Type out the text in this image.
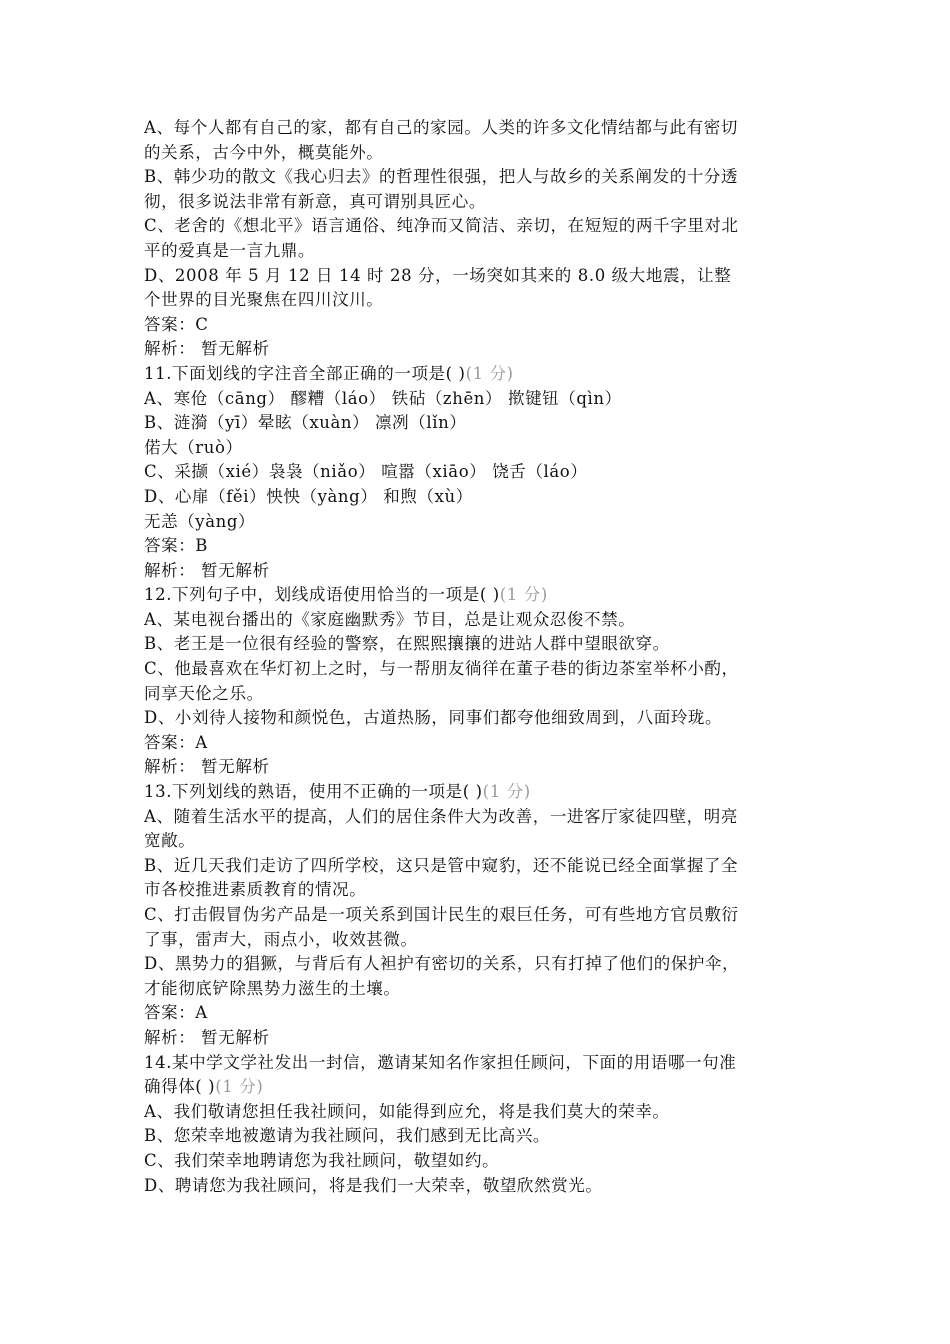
A、每个人都有自己的家，都有自己的家园。人类的许多文化情结都与此有密切
的关系，古今中外，概莫能外。
B、韩少功的散文《我心归去》的哲理性很强，把人与故乡的关系阐发的十分透
彻，很多说法非常有新意，真可谓别具匠心。
C、老舍的《想北平》语言通俗、纯净而又简洁、亲切，在短短的两千字里对北
平的爱真是一言九鼎。
D、2008 年 5 月 12 日 14 时 28 分，一场突如其来的 8.0 级大地震，让整
个世界的目光聚焦在四川汶川。
答案：C
解析： 暂无解析
11.下面划线的字注音全部正确的一项是( )(1 分)
A、寒伧（cāng） 醪糟（láo） 铁砧（zhēn） 揿键钮（qìn）
B、涟漪（yī）晕眩（xuàn） 凛冽（lǐn）
偌大（ruò）
C、采撷（xié）袅袅（niǎo） 喧嚣（xiāo） 饶舌（láo）
D、心扉（fěi）怏怏（yàng） 和煦（xù）
无恙（yàng）
答案：B
解析： 暂无解析
12.下列句子中，划线成语使用恰当的一项是( )(1 分)
A、某电视台播出的《家庭幽默秀》节目，总是让观众忍俊不禁。
B、老王是一位很有经验的警察，在熙熙攘攘的进站人群中望眼欲穿。
C、他最喜欢在华灯初上之时，与一帮朋友徜徉在董子巷的街边茶室举杯小酌，
同享天伦之乐。
D、小刘待人接物和颜悦色，古道热肠，同事们都夸他细致周到，八面玲珑。
答案：A
解析： 暂无解析
13.下列划线的熟语，使用不正确的一项是( )(1 分)
A、随着生活水平的提高，人们的居住条件大为改善，一进客厅家徒四壁，明亮
宽敞。
B、近几天我们走访了四所学校，这只是管中窥豹，还不能说已经全面掌握了全
市各校推进素质教育的情况。
C、打击假冒伪劣产品是一项关系到国计民生的艰巨任务，可有些地方官员敷衍
了事，雷声大，雨点小，收效甚微。
D、黑势力的猖獗，与背后有人袒护有密切的关系，只有打掉了他们的保护伞，
才能彻底铲除黑势力滋生的土壤。
答案：A
解析： 暂无解析
14.某中学文学社发出一封信，邀请某知名作家担任顾问，下面的用语哪一句准
确得体( )(1 分)
A、我们敬请您担任我社顾问，如能得到应允，将是我们莫大的荣幸。
B、您荣幸地被邀请为我社顾问，我们感到无比高兴。
C、我们荣幸地聘请您为我社顾问，敬望如约。
D、聘请您为我社顾问，将是我们一大荣幸，敬望欣然赏光。
